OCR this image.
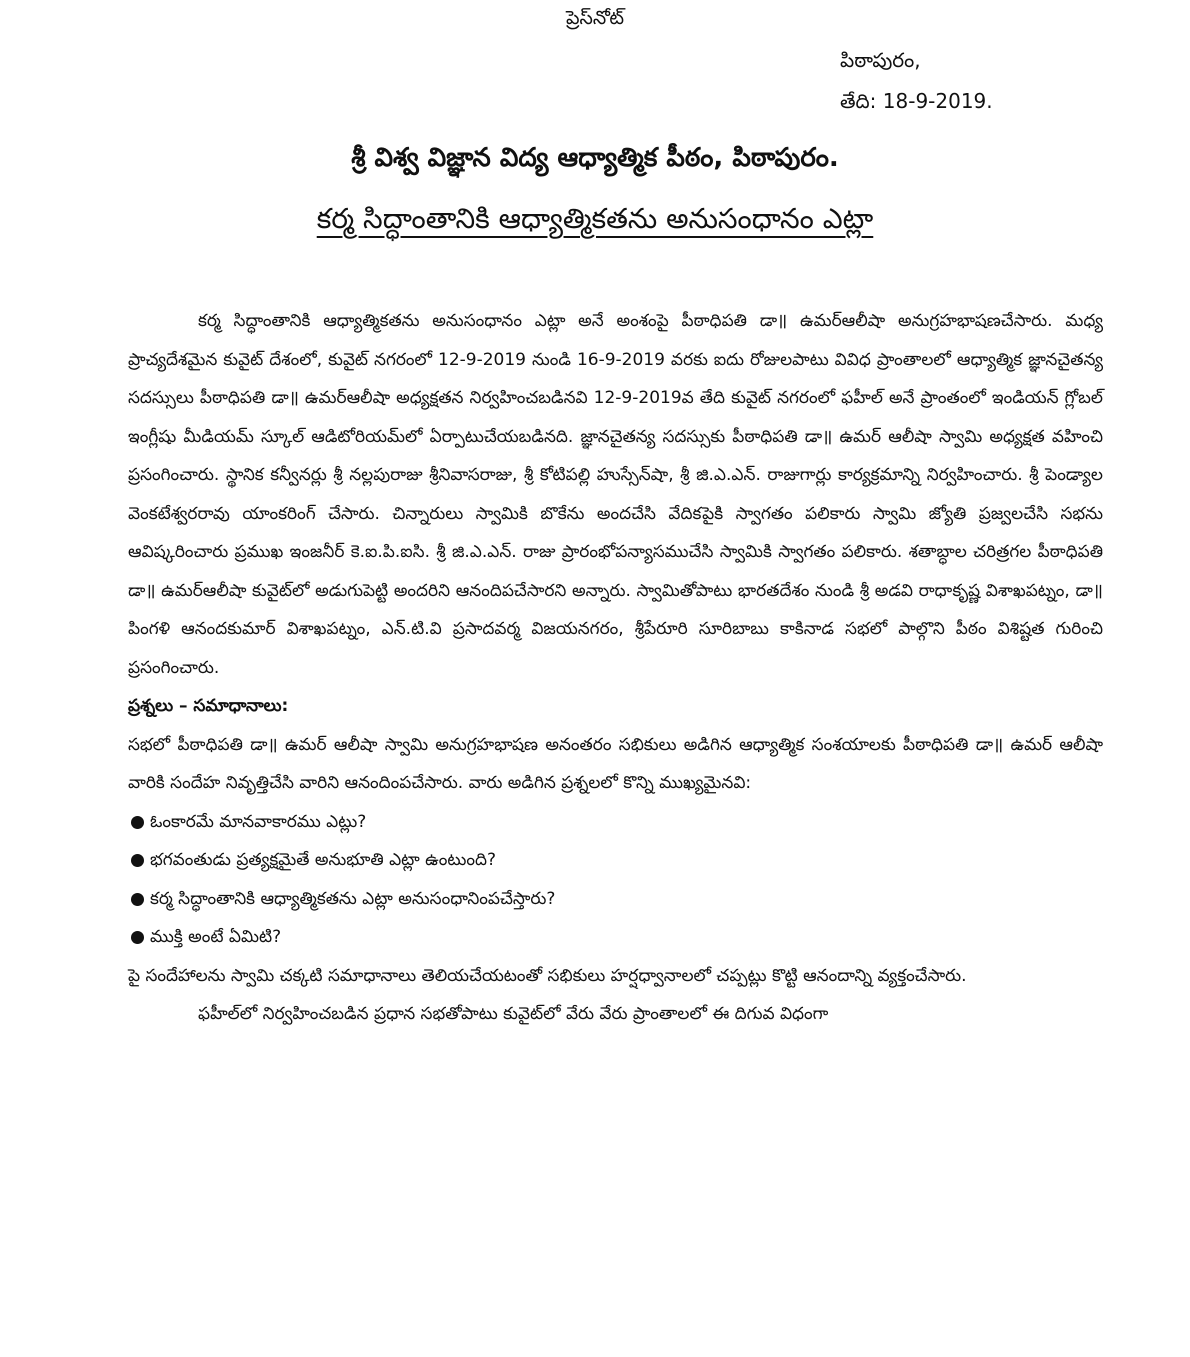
ప్రెస్‌నోట్
పిఠాపురం,
తేది: 18-9-2019.
శ్రీ విశ్వ విజ్ఞాన విద్య ఆధ్యాత్మిక పీఠం, పిఠాపురం.
కర్మ సిద్ధాంతానికి ఆధ్యాత్మికతను అనుసంధానం ఎట్లా

కర్మ సిద్ధాంతానికి ఆధ్యాత్మికతను అనుసంధానం ఎట్లా అనే అంశంపై పీఠాధిపతి డా॥ ఉమర్‌ఆలీషా అనుగ్రహభాషణచేసారు. మధ్య ప్రాచ్యదేశమైన కువైట్ దేశంలో, కువైట్ నగరంలో 12-9-2019 నుండి 16-9-2019 వరకు ఐదు రోజులపాటు వివిధ ప్రాంతాలలో ఆధ్యాత్మిక జ్ఞానచైతన్య సదస్సులు పీఠాధిపతి డా॥ ఉమర్‌ఆలీషా అధ్యక్షతన నిర్వహించబడినవి 12-9-2019వ తేది కువైట్ నగరంలో ఫహీల్ అనే ప్రాంతంలో ఇండియన్ గ్లోబల్ ఇంగ్లీషు మీడియమ్ స్కూల్ ఆడిటోరియమ్‌లో ఏర్పాటుచేయబడినది. జ్ఞానచైతన్య సదస్సుకు పీఠాధిపతి డా॥ ఉమర్ ఆలీషా స్వామి అధ్యక్షత వహించి ప్రసంగించారు. స్థానిక కన్వీనర్లు శ్రీ నల్లపురాజు శ్రీనివాసరాజు, శ్రీ కోటిపల్లి హుస్సేన్‌షా, శ్రీ జి.ఎ.ఎన్. రాజుగార్లు కార్యక్రమాన్ని నిర్వహించారు. శ్రీ పెండ్యాల వెంకటేశ్వరరావు యాంకరింగ్ చేసారు. చిన్నారులు స్వామికి బొకేను అందచేసి వేదికపైకి స్వాగతం పలికారు స్వామి జ్యోతి ప్రజ్వలచేసి సభను ఆవిష్కరించారు ప్రముఖ ఇంజనీర్ కె.ఐ.పి.ఐసి. శ్రీ జి.ఎ.ఎన్. రాజు ప్రారంభోపన్యాసముచేసి స్వామికి స్వాగతం పలికారు. శతాబ్ధాల చరిత్రగల పీఠాధిపతి డా॥ ఉమర్‌ఆలీషా కువైట్‌లో అడుగుపెట్టి అందరిని ఆనందిపచేసారని అన్నారు. స్వామితోపాటు భారతదేశం నుండి శ్రీ అడవి రాధాకృష్ణ విశాఖపట్నం, డా॥ పింగళి ఆనందకుమార్ విశాఖపట్నం, ఎన్.టి.వి ప్రసాదవర్మ విజయనగరం, శ్రీపేరూరి సూరిబాబు కాకినాడ సభలో పాల్గొని పీఠం విశిష్టత గురించి ప్రసంగించారు.

ప్రశ్నలు – సమాధానాలు:

సభలో పీఠాధిపతి డా॥ ఉమర్ ఆలీషా స్వామి అనుగ్రహభాషణ అనంతరం సభికులు అడిగిన ఆధ్యాత్మిక సంశయాలకు పీఠాధిపతి డా॥ ఉమర్ ఆలీషా వారికి సందేహ నివృత్తిచేసి వారిని ఆనందింపచేసారు. వారు అడిగిన ప్రశ్నలలో కొన్ని ముఖ్యమైనవి:

ఓంకారమే మానవాకారము ఎట్లు?
భగవంతుడు ప్రత్యక్షమైతే అనుభూతి ఎట్లా ఉంటుంది?
కర్మ సిద్ధాంతానికి ఆధ్యాత్మికతను ఎట్లా అనుసంధానింపచేస్తారు?
ముక్తి అంటే ఏమిటి?

పై సందేహాలను స్వామి చక్కటి సమాధానాలు తెలియచేయటంతో సభికులు హర్షధ్వానాలలో చప్పట్లు కొట్టి ఆనందాన్ని వ్యక్తంచేసారు.

ఫహీల్‌లో నిర్వహించబడిన ప్రధాన సభతోపాటు కువైట్‌లో వేరు వేరు ప్రాంతాలలో ఈ దిగువ విధంగా
